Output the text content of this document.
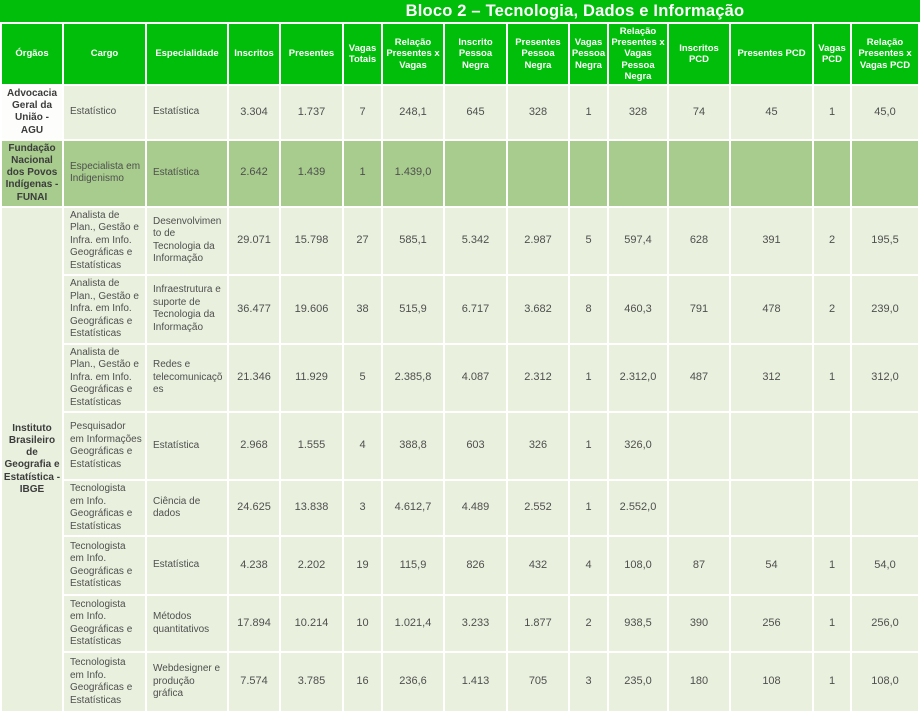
Bloco 2 – Tecnologia, Dados e Informação
Órgãos	Cargo	Especialidade	Inscritos	Presentes	Vagas Totais	Relação Presentes x Vagas	Inscrito Pessoa Negra	Presentes Pessoa Negra	Vagas Pessoa Negra	Relação Presentes x Vagas Pessoa Negra	Inscritos PCD	Presentes PCD	Vagas PCD	Relação Presentes x Vagas PCD
Advocacia Geral da União - AGU	Estatístico	Estatística	3.304	1.737	7	248,1	645	328	1	328	74	45	1	45,0
Fundação Nacional dos Povos Indígenas - FUNAI	Especialista em Indigenismo	Estatística	2.642	1.439	1	1.439,0								
Instituto Brasileiro de Geografia e Estatística - IBGE	Analista de Plan., Gestão e Infra. em Info. Geográficas e Estatísticas	Desenvolvimento de Tecnologia da Informação	29.071	15.798	27	585,1	5.342	2.987	5	597,4	628	391	2	195,5
	Analista de Plan., Gestão e Infra. em Info. Geográficas e Estatísticas	Infraestrutura e suporte de Tecnologia da Informação	36.477	19.606	38	515,9	6.717	3.682	8	460,3	791	478	2	239,0
	Analista de Plan., Gestão e Infra. em Info. Geográficas e Estatísticas	Redes e telecomunicações	21.346	11.929	5	2.385,8	4.087	2.312	1	2.312,0	487	312	1	312,0
	Pesquisador em Informações Geográficas e Estatísticas	Estatística	2.968	1.555	4	388,8	603	326	1	326,0				
	Tecnologista em Info. Geográficas e Estatísticas	Ciência de dados	24.625	13.838	3	4.612,7	4.489	2.552	1	2.552,0				
	Tecnologista em Info. Geográficas e Estatísticas	Estatística	4.238	2.202	19	115,9	826	432	4	108,0	87	54	1	54,0
	Tecnologista em Info. Geográficas e Estatísticas	Métodos quantitativos	17.894	10.214	10	1.021,4	3.233	1.877	2	938,5	390	256	1	256,0
	Tecnologista em Info. Geográficas e Estatísticas	Webdesigner e produção gráfica	7.574	3.785	16	236,6	1.413	705	3	235,0	180	108	1	108,0
